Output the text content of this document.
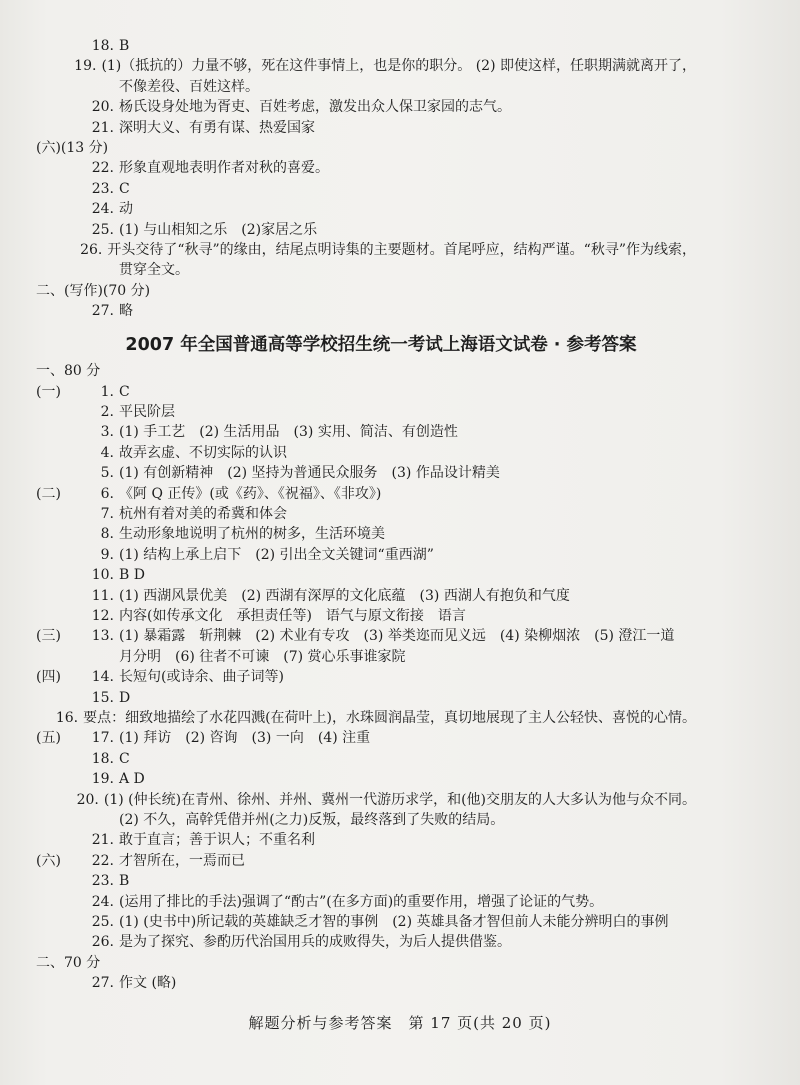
18. B
19. (1)（抵抗的）力量不够，死在这件事情上，也是你的职分。 (2) 即使这样，任职期满就离开了，
不像差役、百姓这样。
20. 杨氏设身处地为胥吏、百姓考虑，激发出众人保卫家园的志气。
21. 深明大义、有勇有谋、热爱国家
(六)(13 分)
22. 形象直观地表明作者对秋的喜爱。
23. C
24. 动
25. (1) 与山相知之乐　(2)家居之乐
26. 开头交待了“秋寻”的缘由，结尾点明诗集的主要题材。首尾呼应，结构严谨。“秋寻”作为线索，
贯穿全文。
二、(写作)(70 分)
27. 略
2007 年全国普通高等学校招生统一考试上海语文试卷 · 参考答案
一、80 分
(一)	1. C
2. 平民阶层
3. (1) 手工艺　(2) 生活用品　(3) 实用、简洁、有创造性
4. 故弄玄虚、不切实际的认识
5. (1) 有创新精神　(2) 坚持为普通民众服务　(3) 作品设计精美
(二)	6. 《阿 Q 正传》(或《药》、《祝福》、《非攻》)
7. 杭州有着对美的希冀和体会
8. 生动形象地说明了杭州的树多，生活环境美
9. (1) 结构上承上启下　(2) 引出全文关键词“重西湖”
10. B D
11. (1) 西湖风景优美　(2) 西湖有深厚的文化底蕴　(3) 西湖人有抱负和气度
12. 内容(如传承文化　承担责任等)　语气与原文衔接　语言
(三)	13. (1) 暴霜露　斩荆棘　(2) 术业有专攻　(3) 举类迩而见义远　(4) 染柳烟浓　(5) 澄江一道
月分明　(6) 往者不可谏　(7) 赏心乐事谁家院
(四)	14. 长短句(或诗余、曲子词等)
15. D
16. 要点：细致地描绘了水花四溅(在荷叶上)，水珠圆润晶莹，真切地展现了主人公轻快、喜悦的心情。
(五)	17. (1) 拜访　(2) 咨询　(3) 一向　(4) 注重
18. C
19. A D
20. (1) (仲长统)在青州、徐州、并州、冀州一代游历求学，和(他)交朋友的人大多认为他与众不同。
(2) 不久，高幹凭借并州(之力)反叛，最终落到了失败的结局。
21. 敢于直言；善于识人；不重名利
(六)	22. 才智所在，一焉而已
23. B
24. (运用了排比的手法)强调了“酌古”(在多方面)的重要作用，增强了论证的气势。
25. (1) (史书中)所记载的英雄缺乏才智的事例　(2) 英雄具备才智但前人未能分辨明白的事例
26. 是为了探究、参酌历代治国用兵的成败得失，为后人提供借鉴。
二、70 分
27. 作文 (略)
解题分析与参考答案　第 17 页(共 20 页)
